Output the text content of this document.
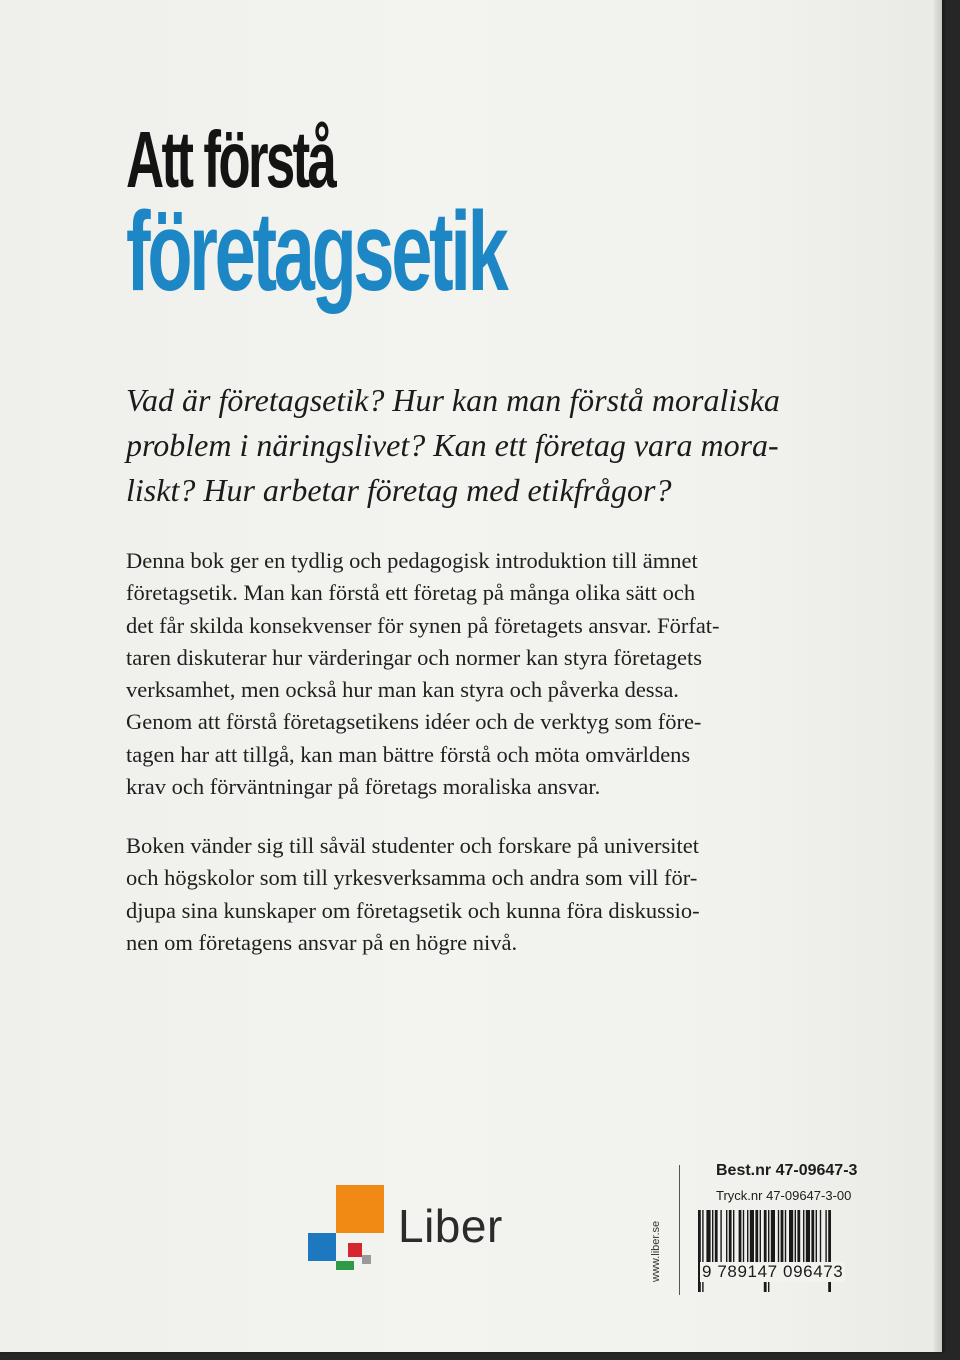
Att förstå
företagsetik
Vad är företagsetik? Hur kan man förstå moraliska
problem i näringslivet? Kan ett företag vara mora-
liskt? Hur arbetar företag med etikfrågor?
Denna bok ger en tydlig och pedagogisk introduktion till ämnet
företagsetik. Man kan förstå ett företag på många olika sätt och
det får skilda konsekvenser för synen på företagets ansvar. Förfat-
taren diskuterar hur värderingar och normer kan styra företagets
verksamhet, men också hur man kan styra och påverka dessa.
Genom att förstå företagsetikens idéer och de verktyg som före-
tagen har att tillgå, kan man bättre förstå och möta omvärldens
krav och förväntningar på företags moraliska ansvar.
Boken vänder sig till såväl studenter och forskare på universitet
och högskolor som till yrkesverksamma och andra som vill för-
djupa sina kunskaper om företagsetik och kunna föra diskussio-
nen om företagens ansvar på en högre nivå.
Liber	www.liber.se
Best.nr 47-09647-3
Tryck.nr 47-09647-3-00
9 789147 096473
